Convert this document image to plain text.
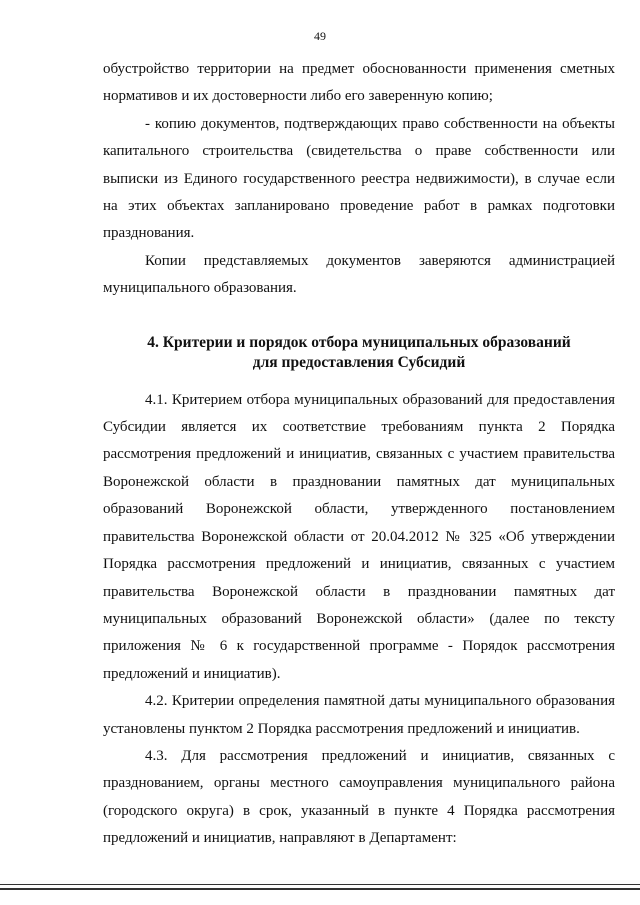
49

обустройство территории на предмет обоснованности применения сметных нормативов и их достоверности либо его заверенную копию;

- копию документов, подтверждающих право собственности на объекты капитального строительства (свидетельства о праве собственности или выписки из Единого государственного реестра недвижимости), в случае если на этих объектах запланировано проведение работ в рамках подготовки празднования.

Копии представляемых документов заверяются администрацией муниципального образования.

4. Критерии и порядок отбора муниципальных образований
для предоставления Субсидий

4.1. Критерием отбора муниципальных образований для предоставления Субсидии является их соответствие требованиям пункта 2 Порядка рассмотрения предложений и инициатив, связанных с участием правительства Воронежской области в праздновании памятных дат муниципальных образований Воронежской области, утвержденного постановлением правительства Воронежской области от 20.04.2012 № 325 «Об утверждении Порядка рассмотрения предложений и инициатив, связанных с участием правительства Воронежской области в праздновании памятных дат муниципальных образований Воронежской области» (далее по тексту приложения № 6 к государственной программе - Порядок рассмотрения предложений и инициатив).

4.2. Критерии определения памятной даты муниципального образования установлены пунктом 2 Порядка рассмотрения предложений и инициатив.

4.3. Для рассмотрения предложений и инициатив, связанных с празднованием, органы местного самоуправления муниципального района (городского округа) в срок, указанный в пункте 4 Порядка рассмотрения предложений и инициатив, направляют в Департамент:
